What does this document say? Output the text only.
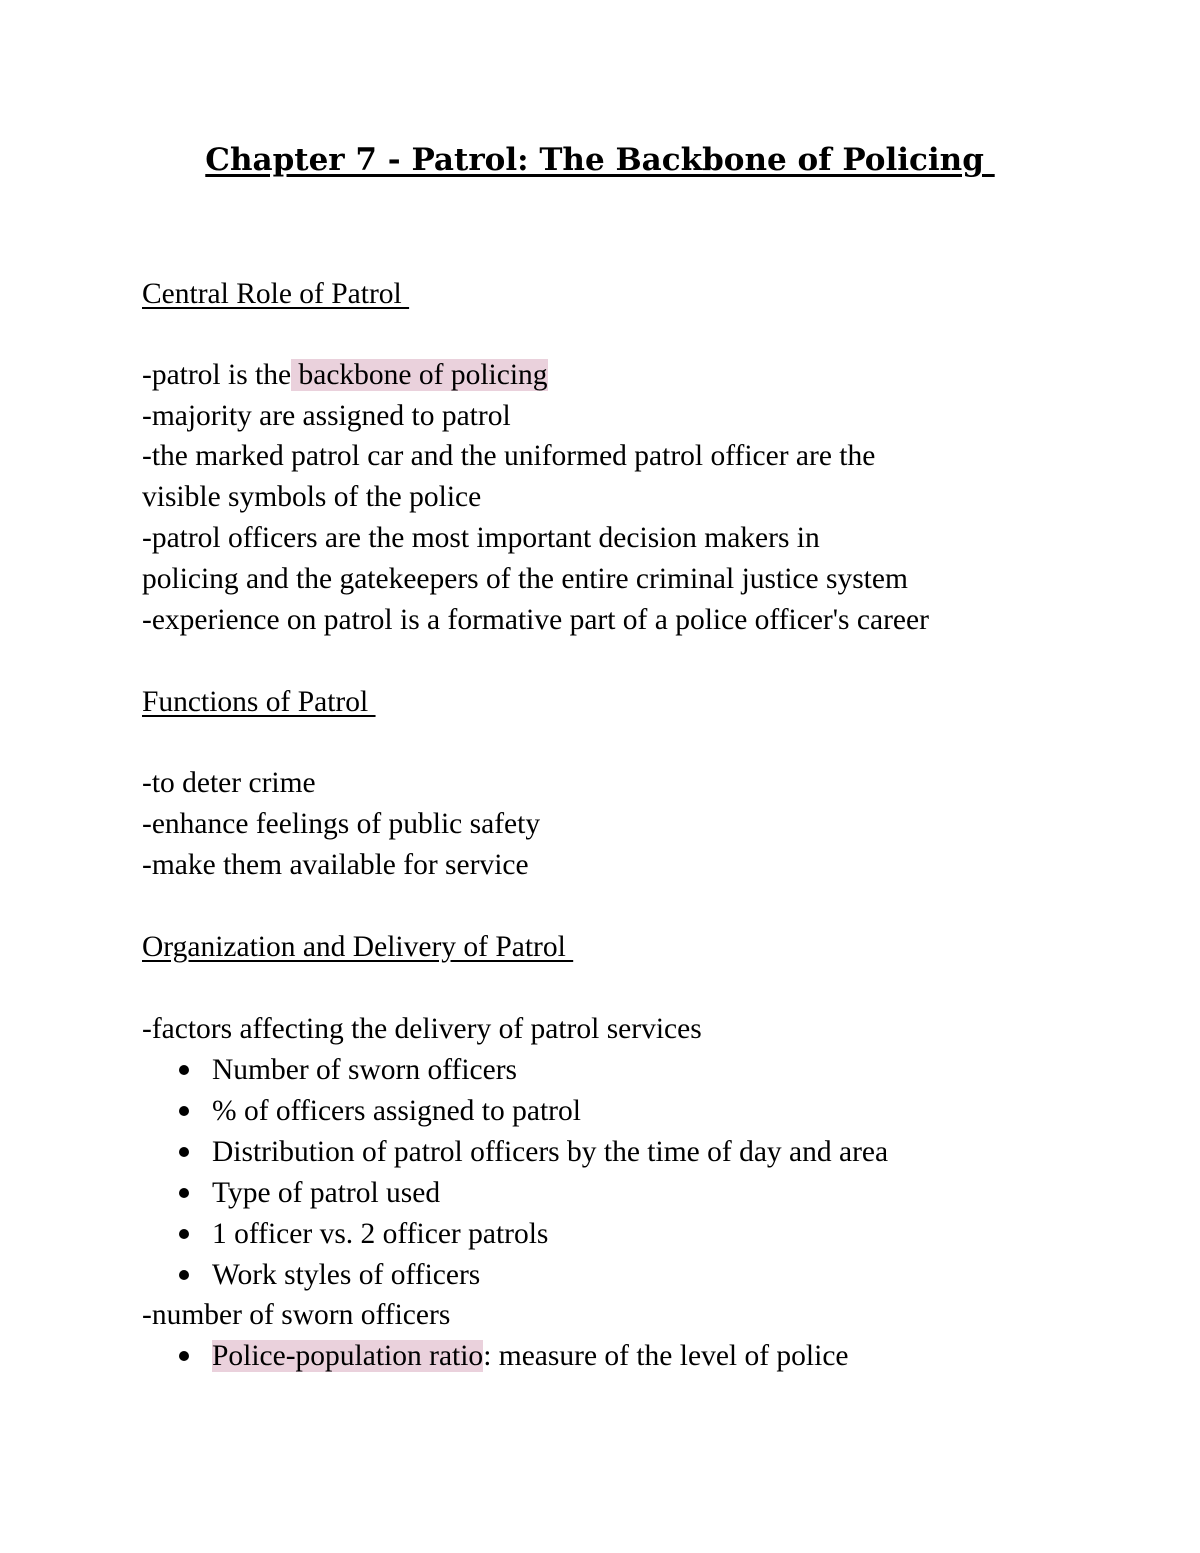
Chapter 7 - Patrol: The Backbone of Policing
Central Role of Patrol
-patrol is the backbone of policing
-majority are assigned to patrol
-the marked patrol car and the uniformed patrol officer are the
visible symbols of the police
-patrol officers are the most important decision makers in
policing and the gatekeepers of the entire criminal justice system
-experience on patrol is a formative part of a police officer's career
Functions of Patrol
-to deter crime
-enhance feelings of public safety
-make them available for service
Organization and Delivery of Patrol
-factors affecting the delivery of patrol services
Number of sworn officers
% of officers assigned to patrol
Distribution of patrol officers by the time of day and area
Type of patrol used
1 officer vs. 2 officer patrols
Work styles of officers
-number of sworn officers
Police-population ratio: measure of the level of police
